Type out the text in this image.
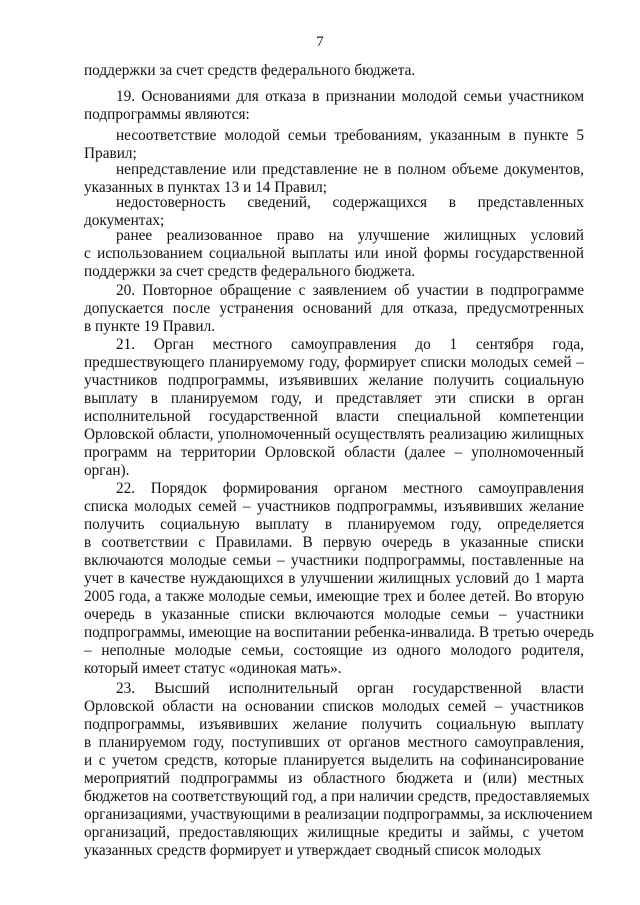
7
поддержки за счет средств федерального бюджета.
19. Основаниями для отказа в признании молодой семьи участником
подпрограммы являются:
несоответствие молодой семьи требованиям, указанным в пункте 5
Правил;
непредставление или представление не в полном объеме документов,
указанных в пунктах 13 и 14 Правил;
недостоверность сведений, содержащихся в представленных
документах;
ранее реализованное право на улучшение жилищных условий
с использованием социальной выплаты или иной формы государственной
поддержки за счет средств федерального бюджета.
20. Повторное обращение с заявлением об участии в подпрограмме
допускается после устранения оснований для отказа, предусмотренных
в пункте 19 Правил.
21. Орган местного самоуправления до 1 сентября года,
предшествующего планируемому году, формирует списки молодых семей –
участников подпрограммы, изъявивших желание получить социальную
выплату в планируемом году, и представляет эти списки в орган
исполнительной государственной власти специальной компетенции
Орловской области, уполномоченный осуществлять реализацию жилищных
программ на территории Орловской области (далее – уполномоченный
орган).
22. Порядок формирования органом местного самоуправления
списка молодых семей – участников подпрограммы, изъявивших желание
получить социальную выплату в планируемом году, определяется
в соответствии с Правилами. В первую очередь в указанные списки
включаются молодые семьи – участники подпрограммы, поставленные на
учет в качестве нуждающихся в улучшении жилищных условий до 1 марта
2005 года, а также молодые семьи, имеющие трех и более детей. Во вторую
очередь в указанные списки включаются молодые семьи – участники
подпрограммы, имеющие на воспитании ребенка-инвалида. В третью очередь
– неполные молодые семьи, состоящие из одного молодого родителя,
который имеет статус «одинокая мать».
23. Высший исполнительный орган государственной власти
Орловской области на основании списков молодых семей – участников
подпрограммы, изъявивших желание получить социальную выплату
в планируемом году, поступивших от органов местного самоуправления,
и с учетом средств, которые планируется выделить на софинансирование
мероприятий подпрограммы из областного бюджета и (или) местных
бюджетов на соответствующий год, а при наличии средств, предоставляемых
организациями, участвующими в реализации подпрограммы, за исключением
организаций, предоставляющих жилищные кредиты и займы, с учетом
указанных средств формирует и утверждает сводный список молодых
